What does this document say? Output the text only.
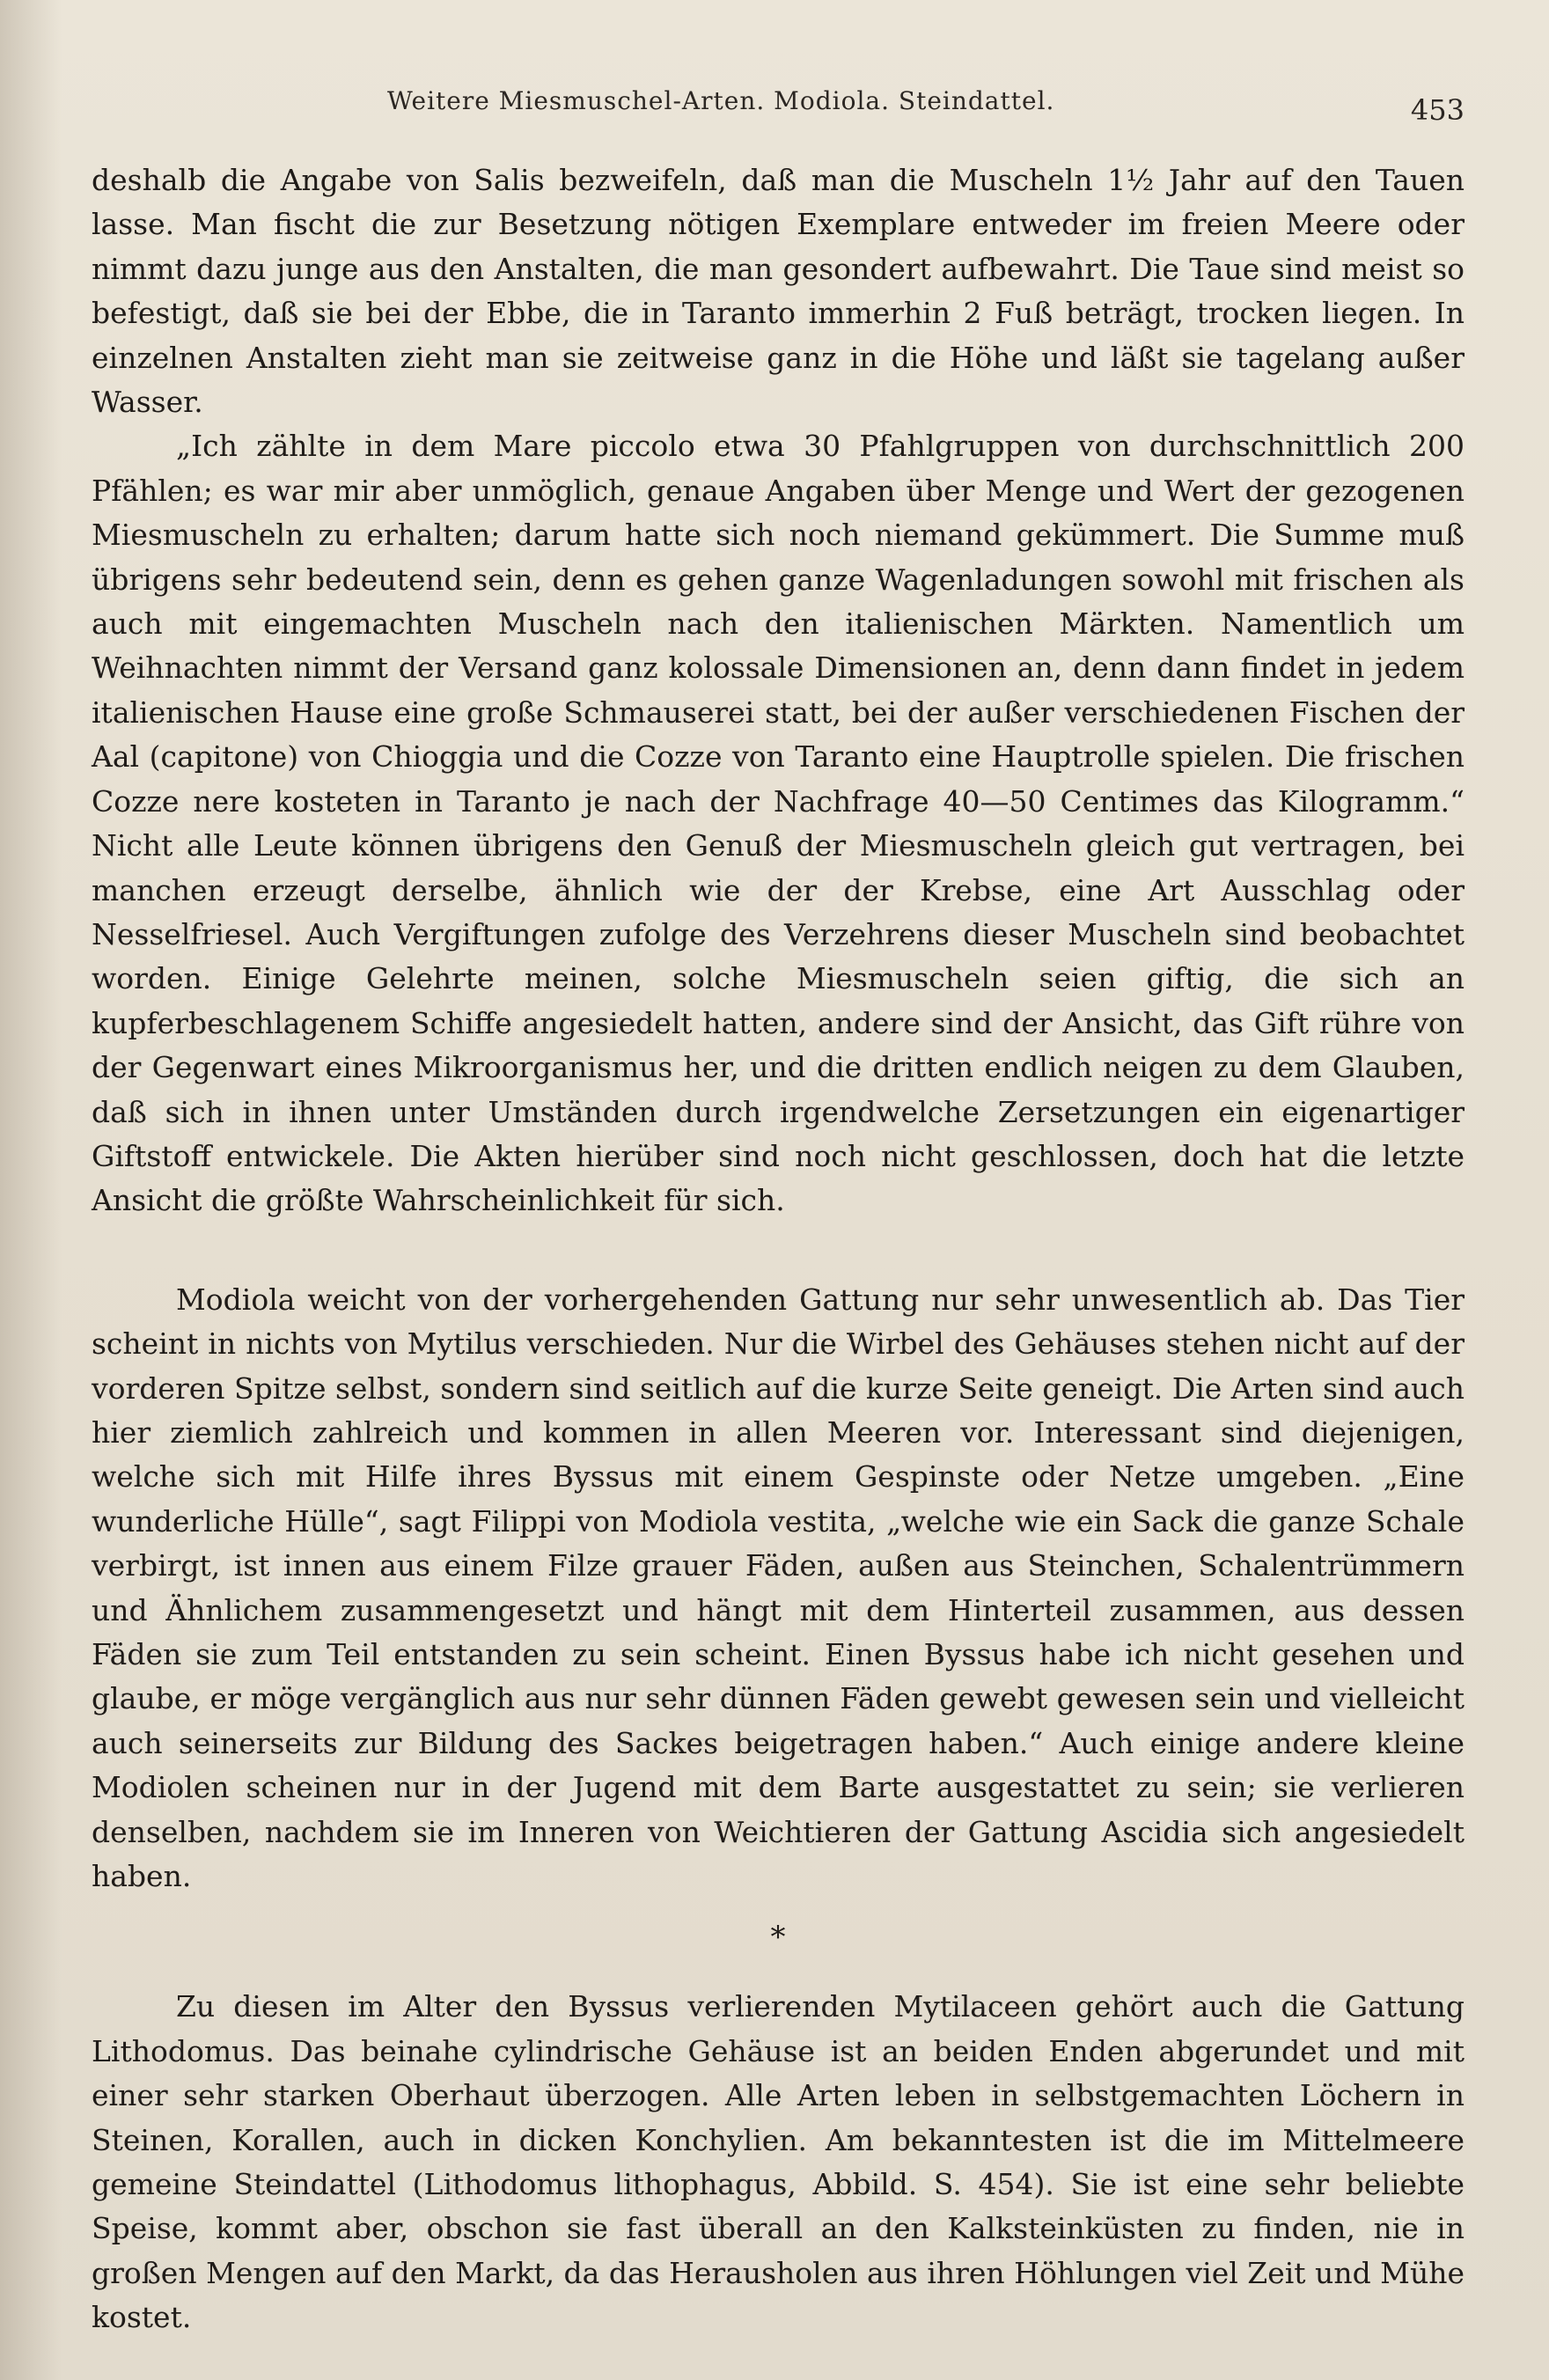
Weitere Miesmuschel-Arten. Modiola. Steindattel.	453

deshalb die Angabe von Salis bezweifeln, daß man die Muscheln 1½ Jahr auf den Tauen lasse. Man fischt die zur Besetzung nötigen Exemplare entweder im freien Meere oder nimmt dazu junge aus den Anstalten, die man gesondert aufbewahrt. Die Taue sind meist so befestigt, daß sie bei der Ebbe, die in Taranto immerhin 2 Fuß beträgt, trocken liegen. In einzelnen Anstalten zieht man sie zeitweise ganz in die Höhe und läßt sie tagelang außer Wasser.

„Ich zählte in dem Mare piccolo etwa 30 Pfahlgruppen von durchschnittlich 200 Pfählen; es war mir aber unmöglich, genaue Angaben über Menge und Wert der gezogenen Miesmuscheln zu erhalten; darum hatte sich noch niemand gekümmert. Die Summe muß übrigens sehr bedeutend sein, denn es gehen ganze Wagenladungen sowohl mit frischen als auch mit eingemachten Muscheln nach den italienischen Märkten. Namentlich um Weihnachten nimmt der Versand ganz kolossale Dimensionen an, denn dann findet in jedem italienischen Hause eine große Schmauserei statt, bei der außer verschiedenen Fischen der Aal (capitone) von Chioggia und die Cozze von Taranto eine Hauptrolle spielen. Die frischen Cozze nere kosteten in Taranto je nach der Nachfrage 40—50 Centimes das Kilogramm.“ Nicht alle Leute können übrigens den Genuß der Miesmuscheln gleich gut vertragen, bei manchen erzeugt derselbe, ähnlich wie der der Krebse, eine Art Ausschlag oder Nesselfriesel. Auch Vergiftungen zufolge des Verzehrens dieser Muscheln sind beobachtet worden. Einige Gelehrte meinen, solche Miesmuscheln seien giftig, die sich an kupferbeschlagenem Schiffe angesiedelt hatten, andere sind der Ansicht, das Gift rühre von der Gegenwart eines Mikroorganismus her, und die dritten endlich neigen zu dem Glauben, daß sich in ihnen unter Umständen durch irgendwelche Zersetzungen ein eigenartiger Giftstoff entwickele. Die Akten hierüber sind noch nicht geschlossen, doch hat die letzte Ansicht die größte Wahrscheinlichkeit für sich.

Modiola weicht von der vorhergehenden Gattung nur sehr unwesentlich ab. Das Tier scheint in nichts von Mytilus verschieden. Nur die Wirbel des Gehäuses stehen nicht auf der vorderen Spitze selbst, sondern sind seitlich auf die kurze Seite geneigt. Die Arten sind auch hier ziemlich zahlreich und kommen in allen Meeren vor. Interessant sind diejenigen, welche sich mit Hilfe ihres Byssus mit einem Gespinste oder Netze umgeben. „Eine wunderliche Hülle“, sagt Filippi von Modiola vestita, „welche wie ein Sack die ganze Schale verbirgt, ist innen aus einem Filze grauer Fäden, außen aus Steinchen, Schalentrümmern und Ähnlichem zusammengesetzt und hängt mit dem Hinterteil zusammen, aus dessen Fäden sie zum Teil entstanden zu sein scheint. Einen Byssus habe ich nicht gesehen und glaube, er möge vergänglich aus nur sehr dünnen Fäden gewebt gewesen sein und vielleicht auch seinerseits zur Bildung des Sackes beigetragen haben.“ Auch einige andere kleine Modiolen scheinen nur in der Jugend mit dem Barte ausgestattet zu sein; sie verlieren denselben, nachdem sie im Inneren von Weichtieren der Gattung Ascidia sich angesiedelt haben.

*

Zu diesen im Alter den Byssus verlierenden Mytilaceen gehört auch die Gattung Lithodomus. Das beinahe cylindrische Gehäuse ist an beiden Enden abgerundet und mit einer sehr starken Oberhaut überzogen. Alle Arten leben in selbstgemachten Löchern in Steinen, Korallen, auch in dicken Konchylien. Am bekanntesten ist die im Mittelmeere gemeine Steindattel (Lithodomus lithophagus, Abbild. S. 454). Sie ist eine sehr beliebte Speise, kommt aber, obschon sie fast überall an den Kalksteinküsten zu finden, nie in großen Mengen auf den Markt, da das Herausholen aus ihren Höhlungen viel Zeit und Mühe kostet.
